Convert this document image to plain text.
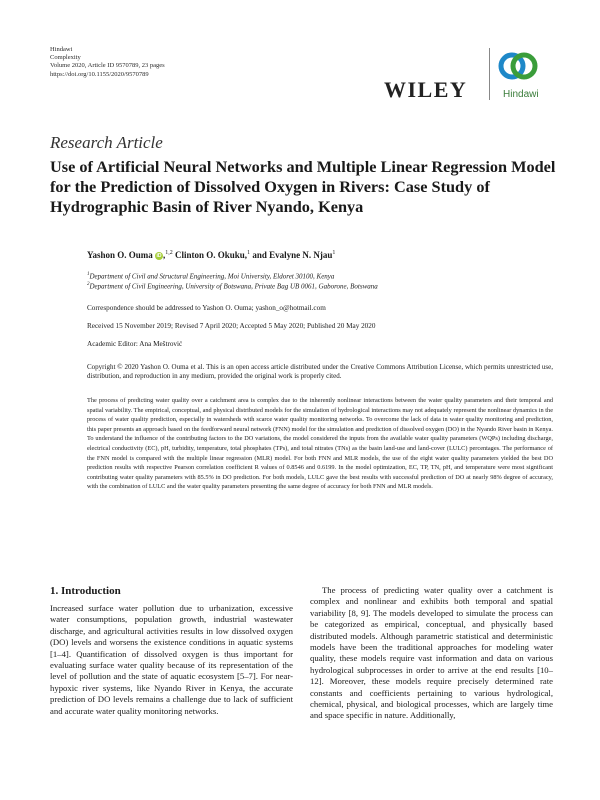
Hindawi
Complexity
Volume 2020, Article ID 9570789, 23 pages
https://doi.org/10.1155/2020/9570789
WILEY	Hindawi
Research Article
Use of Artificial Neural Networks and Multiple Linear Regression Model for the Prediction of Dissolved Oxygen in Rivers: Case Study of Hydrographic Basin of River Nyando, Kenya
Yashon O. Ouma iD ,$^{1,2}$ Clinton O. Okuku,$^1$ and Evalyne N. Njau$^1$
$^1$Department of Civil and Structural Engineering, Moi University, Eldoret 30100, Kenya
$^2$Department of Civil Engineering, University of Botswana, Private Bag UB 0061, Gaborone, Botswana
Correspondence should be addressed to Yashon O. Ouma; yashon_o@hotmail.com
Received 15 November 2019; Revised 7 April 2020; Accepted 5 May 2020; Published 20 May 2020
Academic Editor: Ana Meštrović
Copyright © 2020 Yashon O. Ouma et al. This is an open access article distributed under the Creative Commons Attribution License, which permits unrestricted use, distribution, and reproduction in any medium, provided the original work is properly cited.
The process of predicting water quality over a catchment area is complex due to the inherently nonlinear interactions between the water quality parameters and their temporal and spatial variability. The empirical, conceptual, and physical distributed models for the simulation of hydrological interactions may not adequately represent the nonlinear dynamics in the process of water quality prediction, especially in watersheds with scarce water quality monitoring networks. To overcome the lack of data in water quality monitoring and prediction, this paper presents an approach based on the feedforward neural network (FNN) model for the simulation and prediction of dissolved oxygen (DO) in the Nyando River basin in Kenya. To understand the influence of the contributing factors to the DO variations, the model considered the inputs from the available water quality parameters (WQPs) including discharge, electrical conductivity (EC), pH, turbidity, temperature, total phosphates (TPs), and total nitrates (TNs) as the basin land-use and land-cover (LULC) percentages. The performance of the FNN model is compared with the multiple linear regression (MLR) model. For both FNN and MLR models, the use of the eight water quality parameters yielded the best DO prediction results with respective Pearson correlation coefficient R values of 0.8546 and 0.6199. In the model optimization, EC, TP, TN, pH, and temperature were most significant contributing water quality parameters with 85.5% in DO prediction. For both models, LULC gave the best results with successful prediction of DO at nearly 98% degree of accuracy, with the combination of LULC and the water quality parameters presenting the same degree of accuracy for both FNN and MLR models.
1. Introduction
Increased surface water pollution due to urbanization, excessive water consumptions, population growth, industrial wastewater discharge, and agricultural activities results in low dissolved oxygen (DO) levels and worsens the existence conditions in aquatic systems [1–4]. Quantification of dissolved oxygen is thus important for evaluating surface water quality because of its representation of the level of pollution and the state of aquatic ecosystem [5–7]. For near-hypoxic river systems, like Nyando River in Kenya, the accurate prediction of DO levels remains a challenge due to lack of sufficient and accurate water quality monitoring networks.
The process of predicting water quality over a catchment is complex and nonlinear and exhibits both temporal and spatial variability [8, 9]. The models developed to simulate the process can be categorized as empirical, conceptual, and physically based distributed models. Although parametric statistical and deterministic models have been the traditional approaches for modeling water quality, these models require vast information and data on various hydrological subprocesses in order to arrive at the end results [10–12]. Moreover, these models require precisely determined rate constants and coefficients pertaining to various hydrological, chemical, physical, and biological processes, which are largely time and space specific in nature. Additionally,
